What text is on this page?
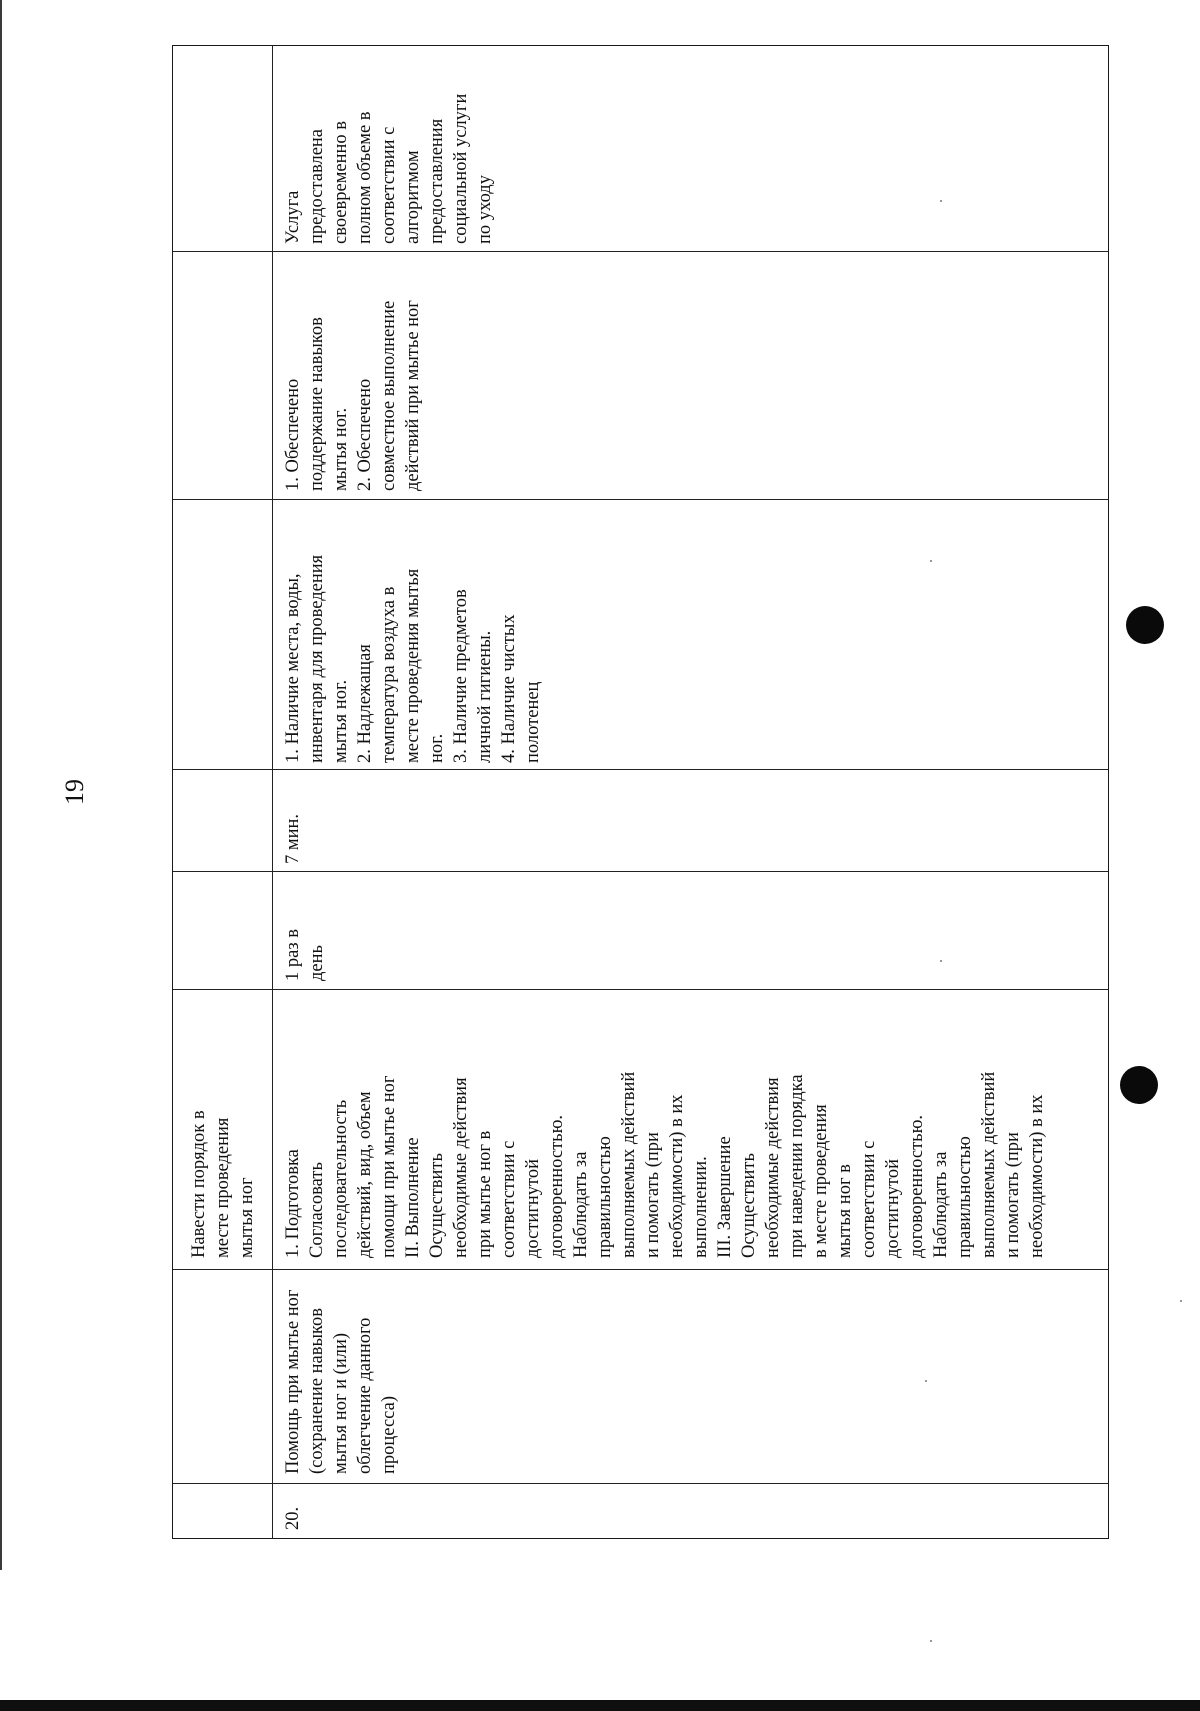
19
Навести порядок в
месте проведения
мытья ног
20.
Помощь при мытье ног
(сохранение навыков
мытья ног и (или)
облегчение данного
процесса)
1. Подготовка
Согласовать
последовательность
действий, вид, объем
помощи при мытье ног
II. Выполнение
Осуществить
необходимые действия
при мытье ног в
соответствии с
достигнутой
договоренностью.
Наблюдать за
правильностью
выполняемых действий
и помогать (при
необходимости) в их
выполнении.
III. Завершение
Осуществить
необходимые действия
при наведении порядка
в месте проведения
мытья ног в
соответствии с
достигнутой
договоренностью.
Наблюдать за
правильностью
выполняемых действий
и помогать (при
необходимости) в их
1 раз в
день
7 мин.
1. Наличие места, воды,
инвентаря для проведения
мытья ног.
2. Надлежащая
температура воздуха в
месте проведения мытья
ног.
3. Наличие предметов
личной гигиены.
4. Наличие чистых
полотенец
1. Обеспечено
поддержание навыков
мытья ног.
2. Обеспечено
совместное выполнение
действий при мытье ног
Услуга
предоставлена
своевременно в
полном объеме в
соответствии с
алгоритмом
предоставления
социальной услуги
по уходу
